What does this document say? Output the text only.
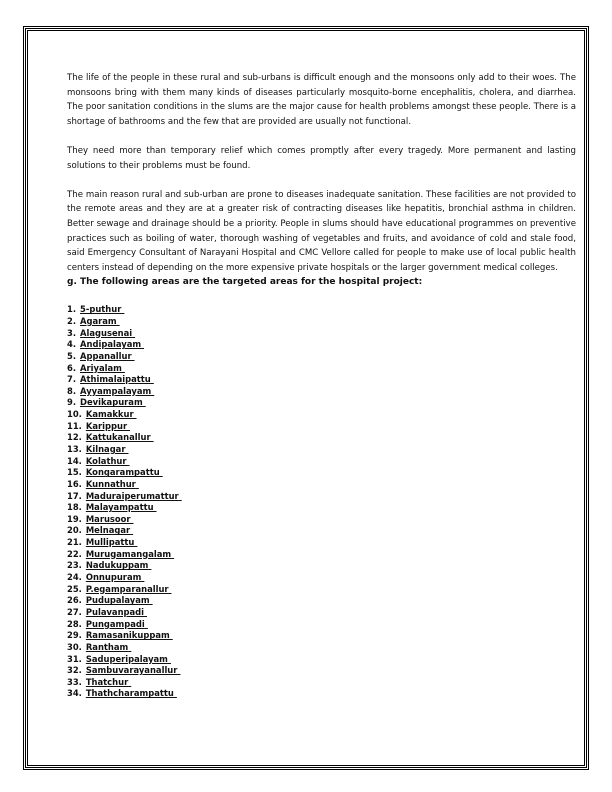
The life of the people in these rural and sub-urbans is difficult enough and the monsoons only add to their woes. The monsoons bring with them many kinds of diseases particularly mosquito-borne encephalitis, cholera, and diarrhea. The poor sanitation conditions in the slums are the major cause for health problems amongst these people. There is a shortage of bathrooms and the few that are provided are usually not functional.

They need more than temporary relief which comes promptly after every tragedy. More permanent and lasting solutions to their problems must be found.

The main reason rural and sub-urban are prone to diseases inadequate sanitation. These facilities are not provided to the remote areas and they are at a greater risk of contracting diseases like hepatitis, bronchial asthma in children. Better sewage and drainage should be a priority. People in slums should have educational programmes on preventive practices such as boiling of water, thorough washing of vegetables and fruits, and avoidance of cold and stale food, said Emergency Consultant of Narayani Hospital and CMC Vellore called for people to make use of local public health centers instead of depending on the more expensive private hospitals or the larger government medical colleges.

g. The following areas are the targeted areas for the hospital project:

1. 5-puthur
2. Agaram
3. Alagusenai
4. Andipalayam
5. Appanallur
6. Ariyalam
7. Athimalaipattu
8. Ayyampalayam
9. Devikapuram
10. Kamakkur
11. Karippur
12. Kattukanallur
13. Kilnagar
14. Kolathur
15. Kongarampattu
16. Kunnathur
17. Maduraiperumattur
18. Malayampattu
19. Marusoor
20. Melnagar
21. Mullipattu
22. Murugamangalam
23. Nadukuppam
24. Onnupuram
25. P.egamparanallur
26. Pudupalayam
27. Pulavanpadi
28. Pungampadi
29. Ramasanikuppam
30. Rantham
31. Saduperipalayam
32. Sambuvarayanallur
33. Thatchur
34. Thathcharampattu
